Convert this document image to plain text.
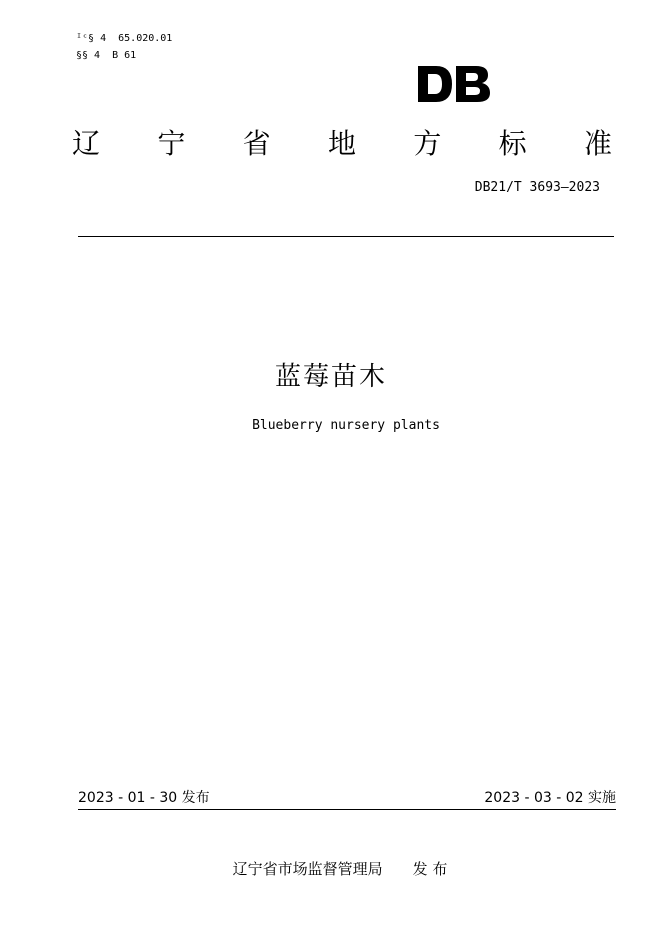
ᴵᶜ§ 4  65.020.01
§§ 4  B 61
辽 宁 省 地 方 标 准
DB21/T 3693—2023
蓝莓苗木
Blueberry nursery plants
2023 - 01 - 30 发布	2023 - 03 - 02 实施
辽宁省市场监督管理局 发 布
